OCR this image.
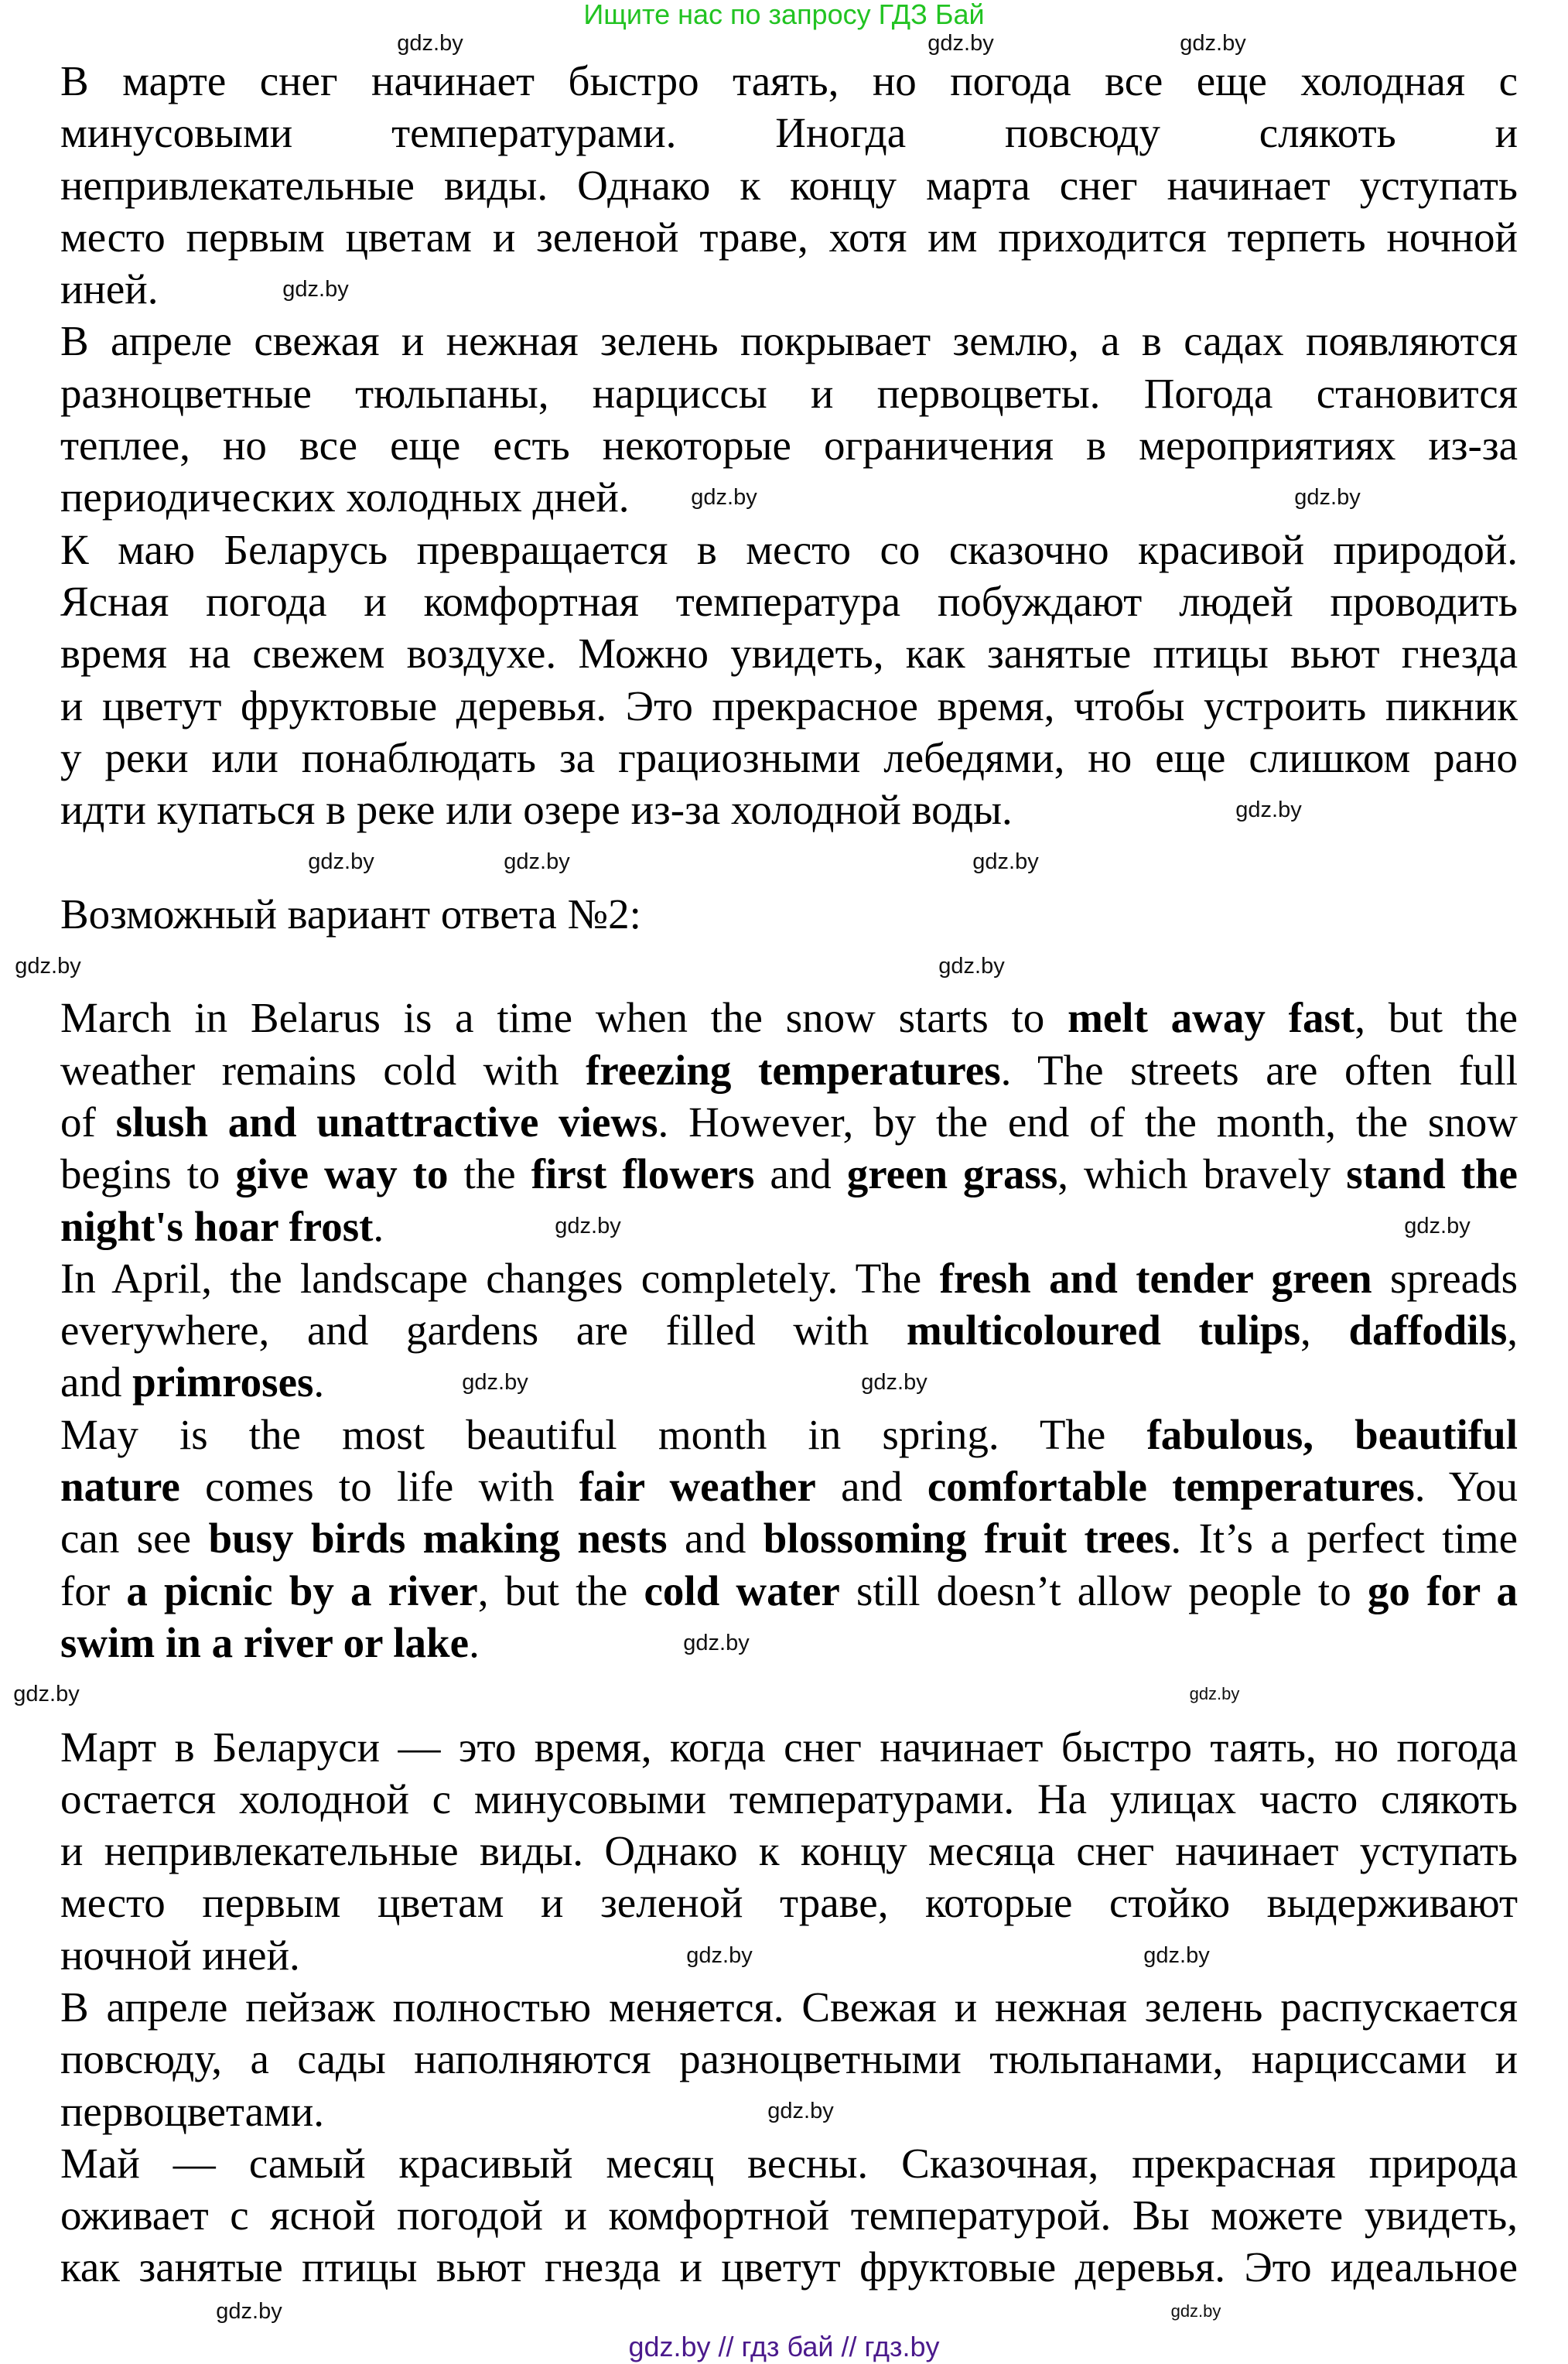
Ищите нас по запросу ГДЗ Бай
В марте снег начинает быстро таять, но погода все еще холодная с
минусовыми температурами. Иногда повсюду слякоть и
непривлекательные виды. Однако к концу марта снег начинает уступать
место первым цветам и зеленой траве, хотя им приходится терпеть ночной
иней.
В апреле свежая и нежная зелень покрывает землю, а в садах появляются
разноцветные тюльпаны, нарциссы и первоцветы. Погода становится
теплее, но все еще есть некоторые ограничения в мероприятиях из-за
периодических холодных дней.
К маю Беларусь превращается в место со сказочно красивой природой.
Ясная погода и комфортная температура побуждают людей проводить
время на свежем воздухе. Можно увидеть, как занятые птицы вьют гнезда
и цветут фруктовые деревья. Это прекрасное время, чтобы устроить пикник
у реки или понаблюдать за грациозными лебедями, но еще слишком рано
идти купаться в реке или озере из-за холодной воды.

Возможный вариант ответа №2:

March in Belarus is a time when the snow starts to melt away fast, but the
weather remains cold with freezing temperatures. The streets are often full
of slush and unattractive views. However, by the end of the month, the snow
begins to give way to the first flowers and green grass, which bravely stand the
night's hoar frost.
In April, the landscape changes completely. The fresh and tender green spreads
everywhere, and gardens are filled with multicoloured tulips, daffodils,
and primroses.
May is the most beautiful month in spring. The fabulous, beautiful
nature comes to life with fair weather and comfortable temperatures. You
can see busy birds making nests and blossoming fruit trees. It’s a perfect time
for a picnic by a river, but the cold water still doesn’t allow people to go for a
swim in a river or lake.

Март в Беларуси — это время, когда снег начинает быстро таять, но погода
остается холодной с минусовыми температурами. На улицах часто слякоть
и непривлекательные виды. Однако к концу месяца снег начинает уступать
место первым цветам и зеленой траве, которые стойко выдерживают
ночной иней.
В апреле пейзаж полностью меняется. Свежая и нежная зелень распускается
повсюду, а сады наполняются разноцветными тюльпанами, нарциссами и
первоцветами.
Май — самый красивый месяц весны. Сказочная, прекрасная природа
оживает с ясной погодой и комфортной температурой. Вы можете увидеть,
как занятые птицы вьют гнезда и цветут фруктовые деревья. Это идеальное
gdz.by // гдз бай // гдз.by
gdz.by	gdz.by	gdz.by
gdz.by
gdz.by	gdz.by
gdz.by
gdz.by
gdz.by
gdz.by
gdz.by
gdz.by
gdz.by	gdz.by
gdz.by	gdz.by
gdz.by
gdz.by	gdz.by
gdz.by
gdz.by
gdz.by
gdz.by
gdz.by
